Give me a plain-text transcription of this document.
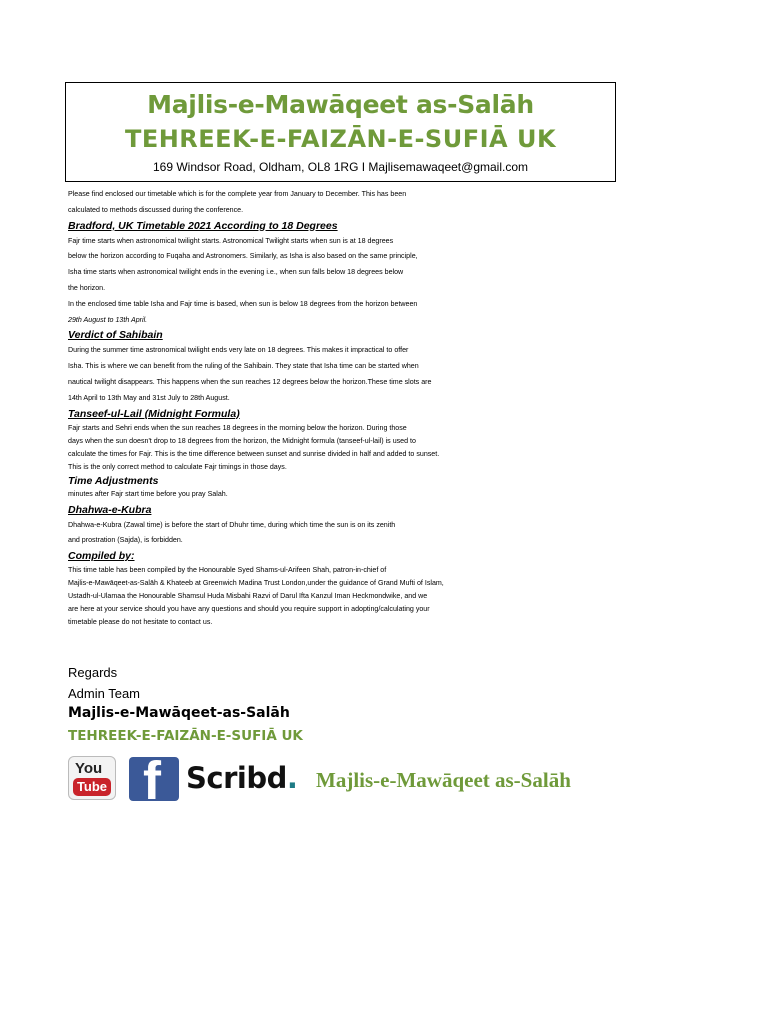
Majlis-e-Mawāqeet as-Salāh
TEHREEK-E-FAIZĀN-E-SUFIĀ UK
169 Windsor Road, Oldham, OL8 1RG I Majlisemawaqeet@gmail.com
Please find enclosed our timetable which is for the complete year from January to December. This has been
calculated to methods discussed during the conference.
Bradford, UK Timetable 2021 According to 18 Degrees
Fajr time starts when astronomical twilight starts. Astronomical Twilight starts when sun is at 18 degrees
below the horizon according to Fuqaha and Astronomers. Similarly, as Isha is also based on the same principle,
Isha time starts when astronomical twilight ends in the evening i.e., when sun falls below 18 degrees below
the horizon.
In the enclosed time table Isha and Fajr time is based, when sun is below 18 degrees from the horizon between
29th August to 13th April.
Verdict of Sahibain
During the summer time astronomical twilight ends very late on 18 degrees. This makes it impractical to offer
Isha. This is where we can benefit from the ruling of the Sahibain. They state that Isha time can be started when
nautical twilight disappears. This happens when the sun reaches 12 degrees below the horizon.These time slots are
14th April to 13th May and 31st July to 28th August.
Tanseef-ul-Lail (Midnight Formula)
Fajr starts and Sehri ends when the sun reaches 18 degrees in the morning below the horizon. During those
days when the sun doesn't drop to 18 degrees from the horizon, the Midnight formula (tanseef-ul-lail) is used to
calculate the times for Fajr. This is the time difference between sunset and sunrise divided in half and added to sunset.
This is the only correct method to calculate Fajr timings in those days.
Time Adjustments
minutes after Fajr start time before you pray Salah.
Dhahwa-e-Kubra
Dhahwa-e-Kubra (Zawal time) is before the start of Dhuhr time, during which time the sun is on its zenith
and prostration (Sajda), is forbidden.
Compiled by:
This time table has been compiled by the Honourable Syed Shams-ul-Arifeen Shah, patron-in-chief of
Majlis-e-Mawāqeet-as-Salāh & Khateeb at Greenwich Madina Trust London,under the guidance of Grand Mufti of Islam,
Ustadh-ul-Ulamaa the Honourable Shamsul Huda Misbahi Razvi of Darul Ifta Kanzul Iman Heckmondwike, and we
are here at your service should you have any questions and should you require support in adopting/calculating your
timetable please do not hesitate to contact us.
Regards
Admin Team
Majlis-e-Mawāqeet-as-Salāh
TEHREEK-E-FAIZĀN-E-SUFIĀ UK
You
Tube f Scribd. Majlis-e-Mawāqeet as-Salāh
